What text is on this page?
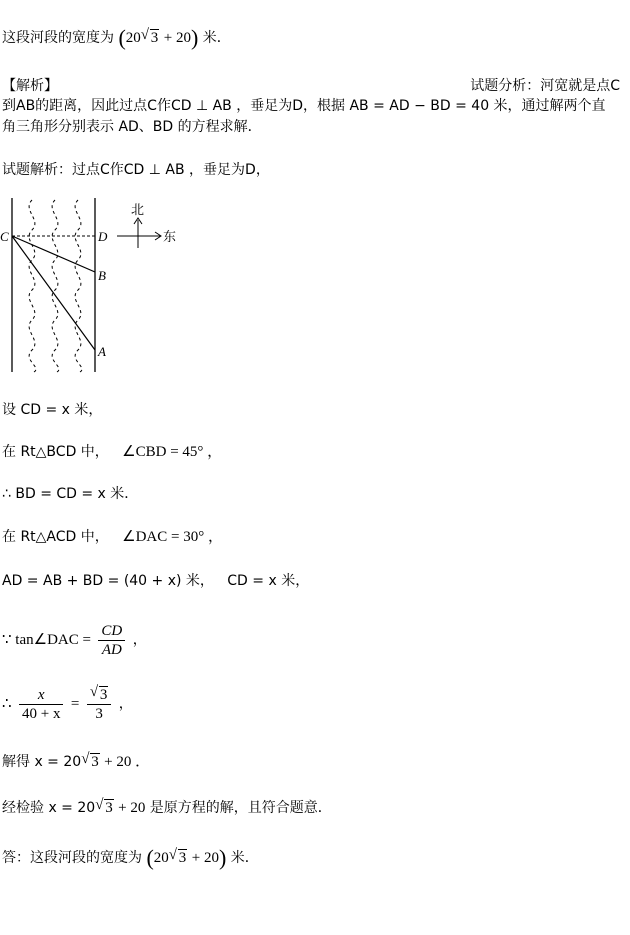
这段河段的宽度为 (20 √ 3 + 20) 米．
【解析】	试题分析：河宽就是点C
到AB的距离，因此过点C作CD ⊥ AB ，垂足为D，根据 AB = AD − BD = 40 米，通过解两个直
角三角形分别表示 AD、BD 的方程求解．
试题解析：过点C作CD ⊥ AB ，垂足为D，
C	D
B
A
北
东
设 CD = x 米，
在 Rt△BCD 中， ∠CBD = 45° ，
∴ BD = CD = x 米．
在 Rt△ACD 中， ∠DAC = 30° ，
AD = AB + BD = (40 + x) 米， CD = x 米，
∵ tan∠DAC = $\frac{CD}{AD}$ ，
∴ $\frac{x}{40 + x}$ = √ $\frac{3}{3}$ ，
解得 x = 20 √ 3 + 20 ．
经检验 x = 20 √ 3 + 20 是原方程的解，且符合题意．
答：这段河段的宽度为 (20 √ 3 + 20) 米．
